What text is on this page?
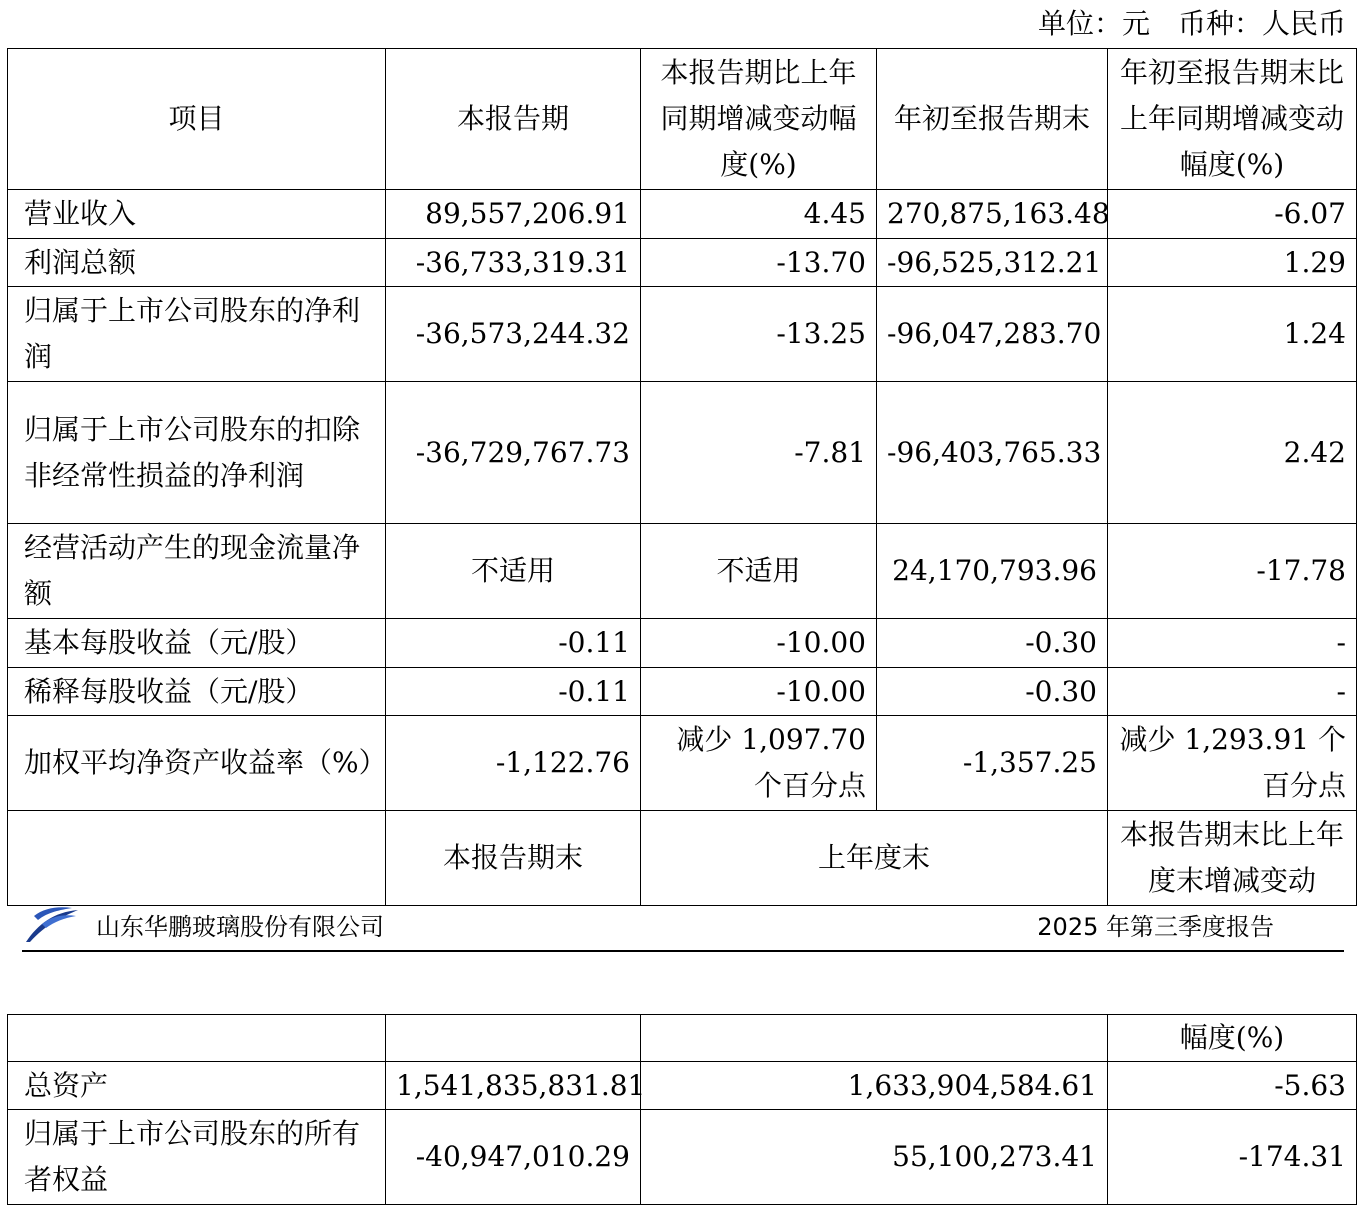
单位：元　币种：人民币
项目	本报告期	本报告期比上年同期增减变动幅度(%)	年初至报告期末	年初至报告期末比上年同期增减变动幅度(%)
营业收入	89,557,206.91	4.45	270,875,163.48	-6.07
利润总额	-36,733,319.31	-13.70	-96,525,312.21	1.29
归属于上市公司股东的净利润	-36,573,244.32	-13.25	-96,047,283.70	1.24
归属于上市公司股东的扣除非经常性损益的净利润	-36,729,767.73	-7.81	-96,403,765.33	2.42
经营活动产生的现金流量净额	不适用	不适用	24,170,793.96	-17.78
基本每股收益（元/股）	-0.11	-10.00	-0.30	-
稀释每股收益（元/股）	-0.11	-10.00	-0.30	-
加权平均净资产收益率（%）	-1,122.76	减少 1,097.70 个百分点	-1,357.25	减少 1,293.91 个百分点
	本报告期末	上年度末		本报告期末比上年度末增减变动
山东华鹏玻璃股份有限公司	2025 年第三季度报告
			幅度(%)
总资产	1,541,835,831.81	1,633,904,584.61	-5.63
归属于上市公司股东的所有者权益	-40,947,010.29	55,100,273.41	-174.31
